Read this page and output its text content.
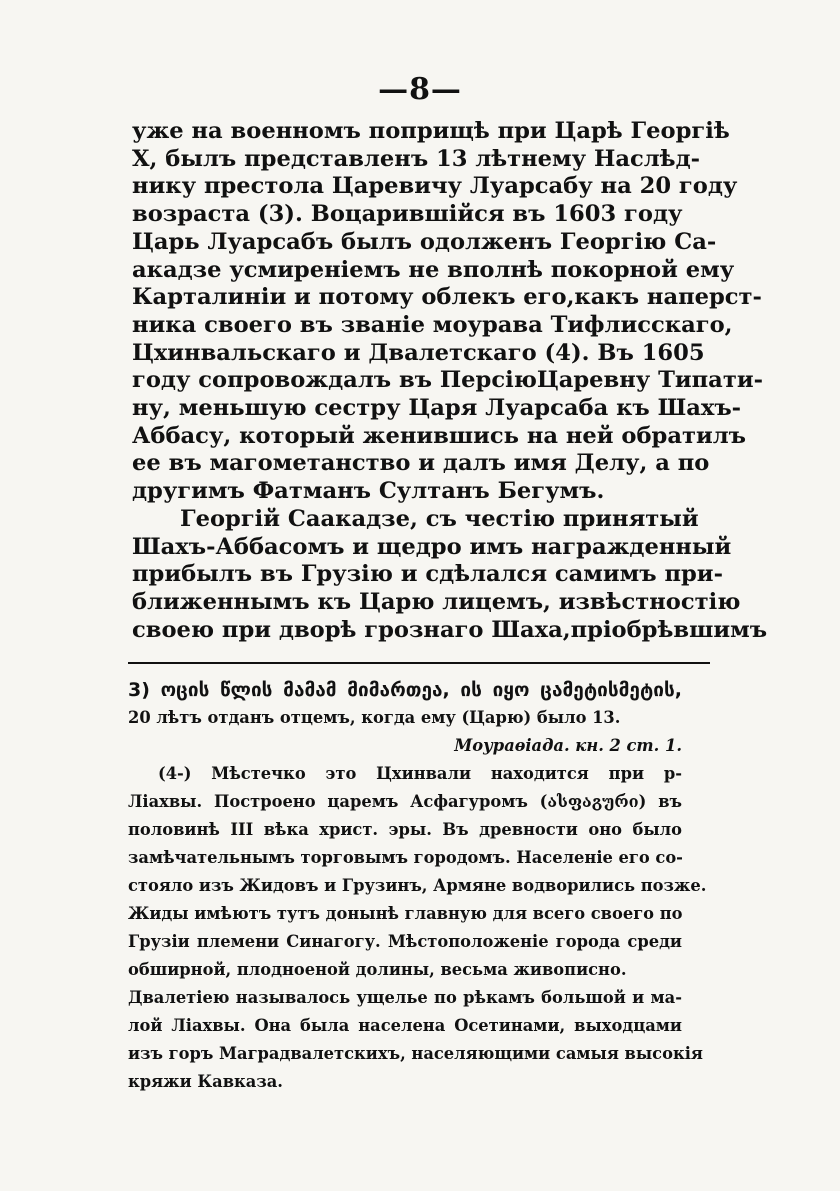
—8—
уже на военномъ поприщѣ при Царѣ Георгiѣ
X, былъ представленъ 13 лѣтнему Наслѣд-
нику престола Царевичу Луарсабу на 20 году
возраста (3). Воцарившiйся въ 1603 году
Царь Луарсабъ былъ одолженъ Георгiю Са-
акадзе усмиренiемъ не вполнѣ покорной ему
Карталинiи и потому облекъ его,какъ наперст-
ника своего въ званiе моурава Тифлисскаго,
Цхинвальскаго и Двалетскаго (4). Въ 1605
году сопровождалъ въ ПерсiюЦаревну Типати-
ну, меньшую сестру Царя Луарсаба къ Шахъ-
Аббасу, который женившись на ней обратилъ
ее въ магометанство и далъ имя Делу, а по
другимъ Фатманъ Султанъ Бегумъ.
Георгiй Саакадзе, съ честiю принятый
Шахъ-Аббасомъ и щедро имъ награжденный
прибылъ въ Грузiю и сдѣлался самимъ при-
ближеннымъ къ Царю лицемъ, извѣстностiю
своею при дворѣ грознаго Шаха,прiобрѣвшимъ
3) ოცის წლის მამამ მიმართეა, ის იყო ცამეტისმეტის,
20 лѣтъ отданъ отцемъ, когда ему (Царю) было 13.
Моураѳiада. кн. 2 ст. 1.
(4-) Мѣстечко это Цхинвали находится при р-
Лiахвы. Построено царемъ Асфагуромъ (ასფაგური) въ
половинѣ III вѣка христ. эры. Въ древности оно было
замѣчательнымъ торговымъ городомъ. Населенiе его со-
стояло изъ Жидовъ и Грузинъ, Армяне водворились позже.
Жиды имѣютъ тутъ донынѣ главную для всего своего по
Грузiи племени Синагогу. Мѣстоположенiе города среди
обширной, плодноеной долины, весьма живописно.
Двалетiею называлось ущелье по рѣкамъ большой и ма-
лой Лiахвы. Она была населена Осетинами, выходцами
изъ горъ Маградвалетскихъ, населяющими самыя высокiя
кряжи Кавказа.
